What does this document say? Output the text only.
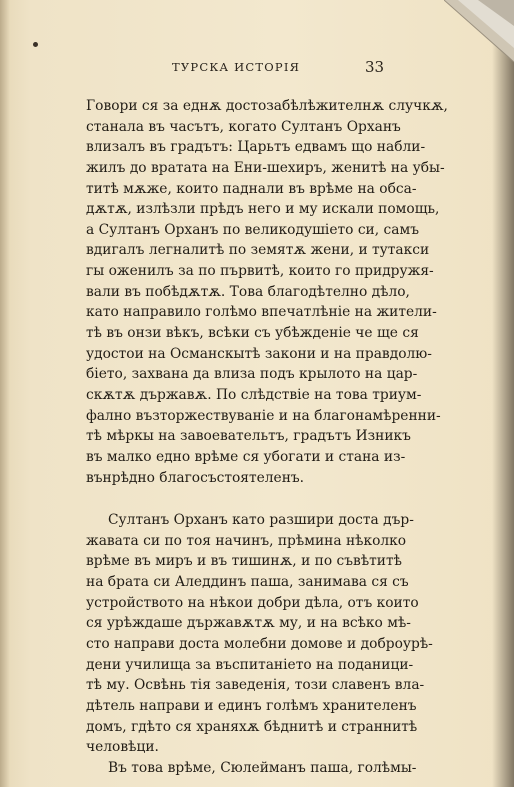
ТУРСКА ИСТОРІЯ	33
Говори ся за еднѫ достозабѣлѣжителнѫ случкѫ,
станала въ часътъ, когато Султанъ Орханъ
влизалъ въ градътъ: Царьтъ едвамъ що набли-
жилъ до вратата на Ени-шехиръ, женитѣ на убы-
титѣ мѫже, които паднали въ врѣме на обса-
дѫтѫ, излѣзли прѣдъ него и му искали помощь,
а Султанъ Орханъ по великодушіето си, самъ
вдигалъ легналитѣ по земятѫ жени, и тутакси
гы оженилъ за по първитѣ, които го придружя-
вали въ побѣдѫтѫ. Това благодѣтелно дѣло,
като направило голѣмо впечатлѣніе на жители-
тѣ въ онзи вѣкъ, всѣки съ убѣжденіе че ще ся
удостои на Османскытѣ закони и на правдолю-
біето, захвана да влиза подъ крылото на цар-
скѫтѫ държавѫ. По слѣдствіе на това триум-
фално възторжествуваніе и на благонамѣренни-
тѣ мѣркы на завоевательтъ, градътъ Изникъ
въ малко едно врѣме ся убогати и стана из-
вънрѣдно благосъстоятеленъ.
Султанъ Орханъ като разшири доста дър-
жавата си по тоя начинъ, прѣмина нѣколко
врѣме въ миръ и въ тишинѫ, и по съвѣтитѣ
на брата си Аледдинъ паша, занимава ся съ
устройството на нѣкои добри дѣла, отъ които
ся урѣждаше държавѫтѫ му, и на всѣко мѣ-
сто направи доста молебни домове и доброурѣ-
дени училища за въспитаніето на поданици-
тѣ му. Освѣнь тія заведенія, този славенъ вла-
дѣтель направи и единъ голѣмъ хранителенъ
домъ, гдѣто ся храняхѫ бѣднитѣ и страннитѣ
человѣци.
Въ това врѣме, Сюлейманъ паша, голѣмы-
